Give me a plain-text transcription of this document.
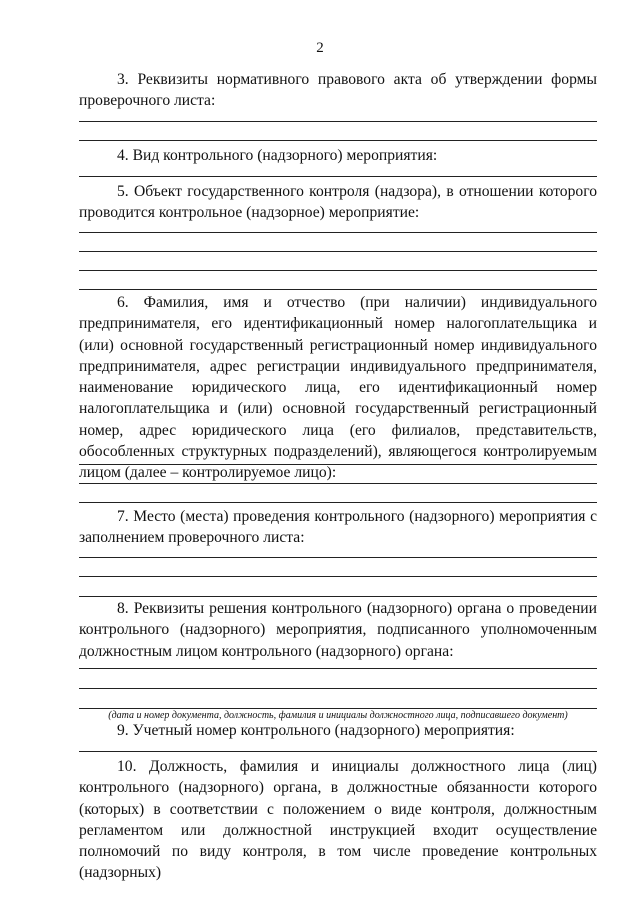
2
3. Реквизиты нормативного правового акта об утверждении формы проверочного листа:
4. Вид контрольного (надзорного) мероприятия:
5. Объект государственного контроля (надзора), в отношении которого проводится контрольное (надзорное) мероприятие:
6. Фамилия, имя и отчество (при наличии) индивидуального предпринимателя, его идентификационный номер налогоплательщика и (или) основной государственный регистрационный номер индивидуального предпринимателя, адрес регистрации индивидуального предпринимателя, наименование юридического лица, его идентификационный номер налогоплательщика и (или) основной государственный регистрационный номер, адрес юридического лица (его филиалов, представительств, обособленных структурных подразделений), являющегося контролируемым лицом (далее – контролируемое лицо):
7. Место (места) проведения контрольного (надзорного) мероприятия с заполнением проверочного листа:
8. Реквизиты решения контрольного (надзорного) органа о проведении контрольного (надзорного) мероприятия, подписанного уполномоченным должностным лицом контрольного (надзорного) органа:
(дата и номер документа, должность, фамилия и инициалы должностного лица, подписавшего документ)
9. Учетный номер контрольного (надзорного) мероприятия:
10. Должность, фамилия и инициалы должностного лица (лиц) контрольного (надзорного) органа, в должностные обязанности которого (которых) в соответствии с положением о виде контроля, должностным регламентом или должностной инструкцией входит осуществление полномочий по виду контроля, в том числе проведение контрольных (надзорных)
